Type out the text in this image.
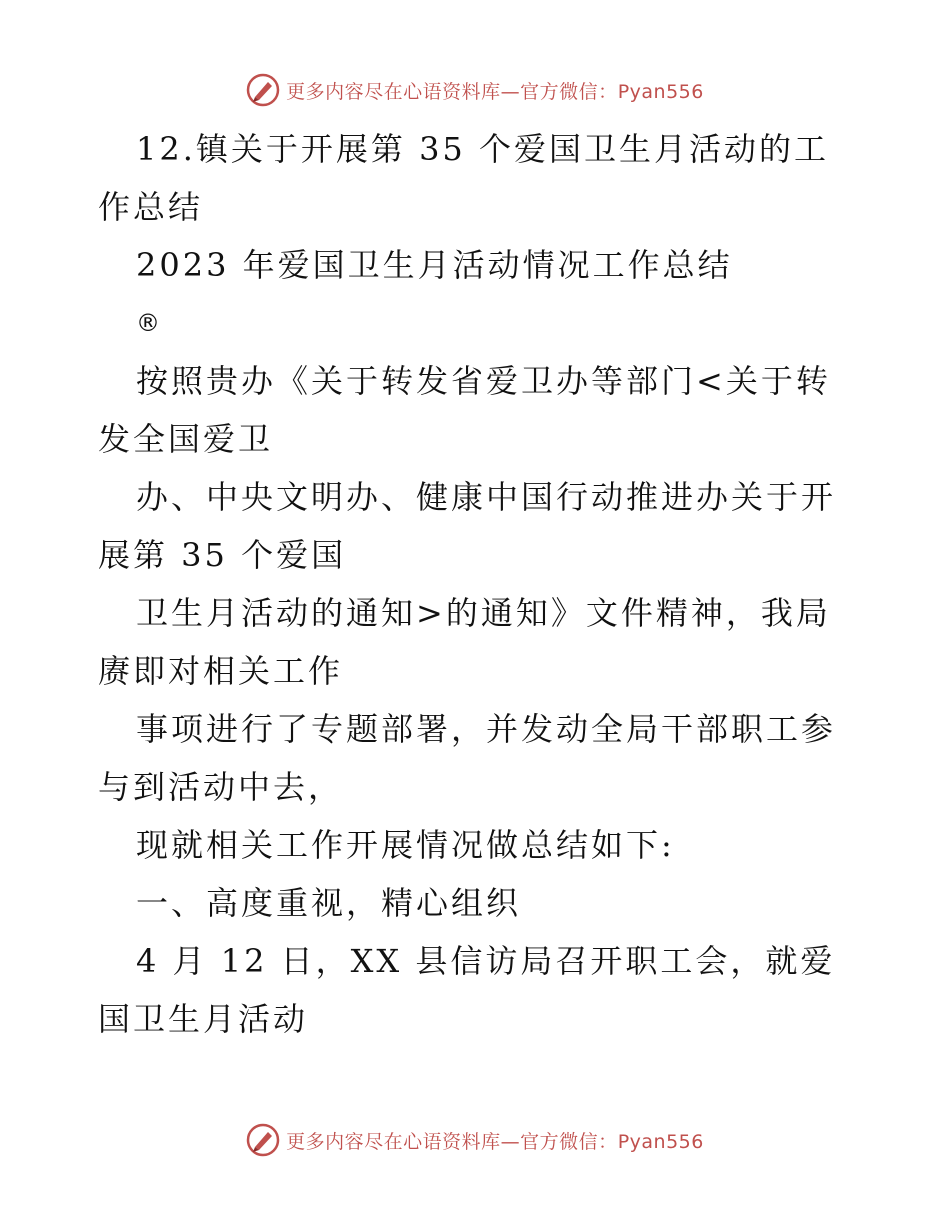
更多内容尽在心语资料库—官方微信：Pyan556

12.镇关于开展第 35 个爱国卫生月活动的工作总结

2023 年爱国卫生月活动情况工作总结

®

按照贵办《关于转发省爱卫办等部门<关于转发全国爱卫

办、中央文明办、健康中国行动推进办关于开展第 35 个爱国

卫生月活动的通知>的通知》文件精神，我局赓即对相关工作

事项进行了专题部署，并发动全局干部职工参与到活动中去，

现就相关工作开展情况做总结如下:

一、高度重视，精心组织

4 月 12 日，XX 县信访局召开职工会，就爱国卫生月活动

更多内容尽在心语资料库—官方微信：Pyan556
